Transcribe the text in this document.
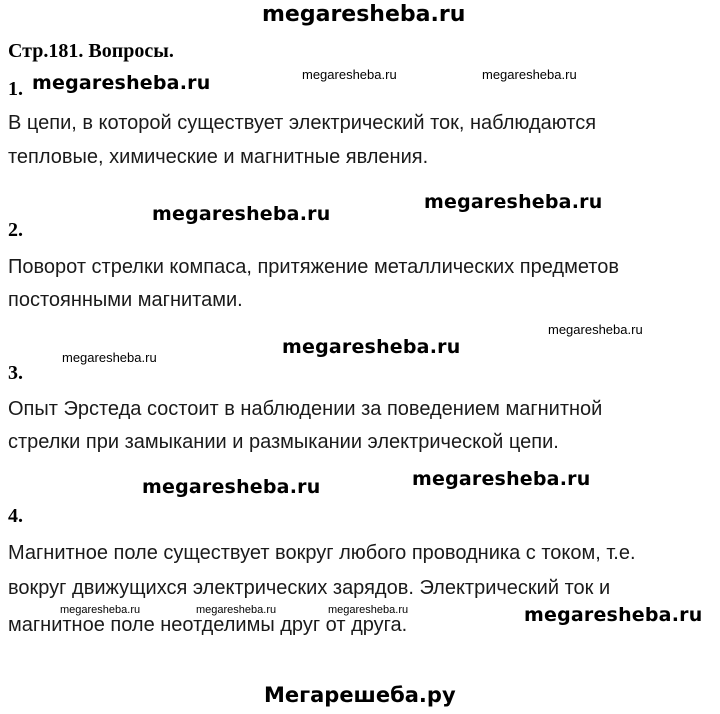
megaresheba.ru
Стр.181. Вопросы.
1. megaresheba.ru	megaresheba.ru	megaresheba.ru
В цепи, в которой существует электрический ток, наблюдаются
тепловые, химические и магнитные явления.
megaresheba.ru
megaresheba.ru
2.
Поворот стрелки компаса, притяжение металлических предметов
постоянными магнитами.
megaresheba.ru
megaresheba.ru	megaresheba.ru
3.
Опыт Эрстеда состоит в наблюдении за поведением магнитной
стрелки при замыкании и размыкании электрической цепи.
megaresheba.ru
megaresheba.ru
4.
Магнитное поле существует вокруг любого проводника с током, т.е.
вокруг движущихся электрических зарядов. Электрический ток и
megaresheba.ru	megaresheba.ru	megaresheba.ru	megaresheba.ru
магнитное поле неотделимы друг от друга.
Мегарешеба.ру
